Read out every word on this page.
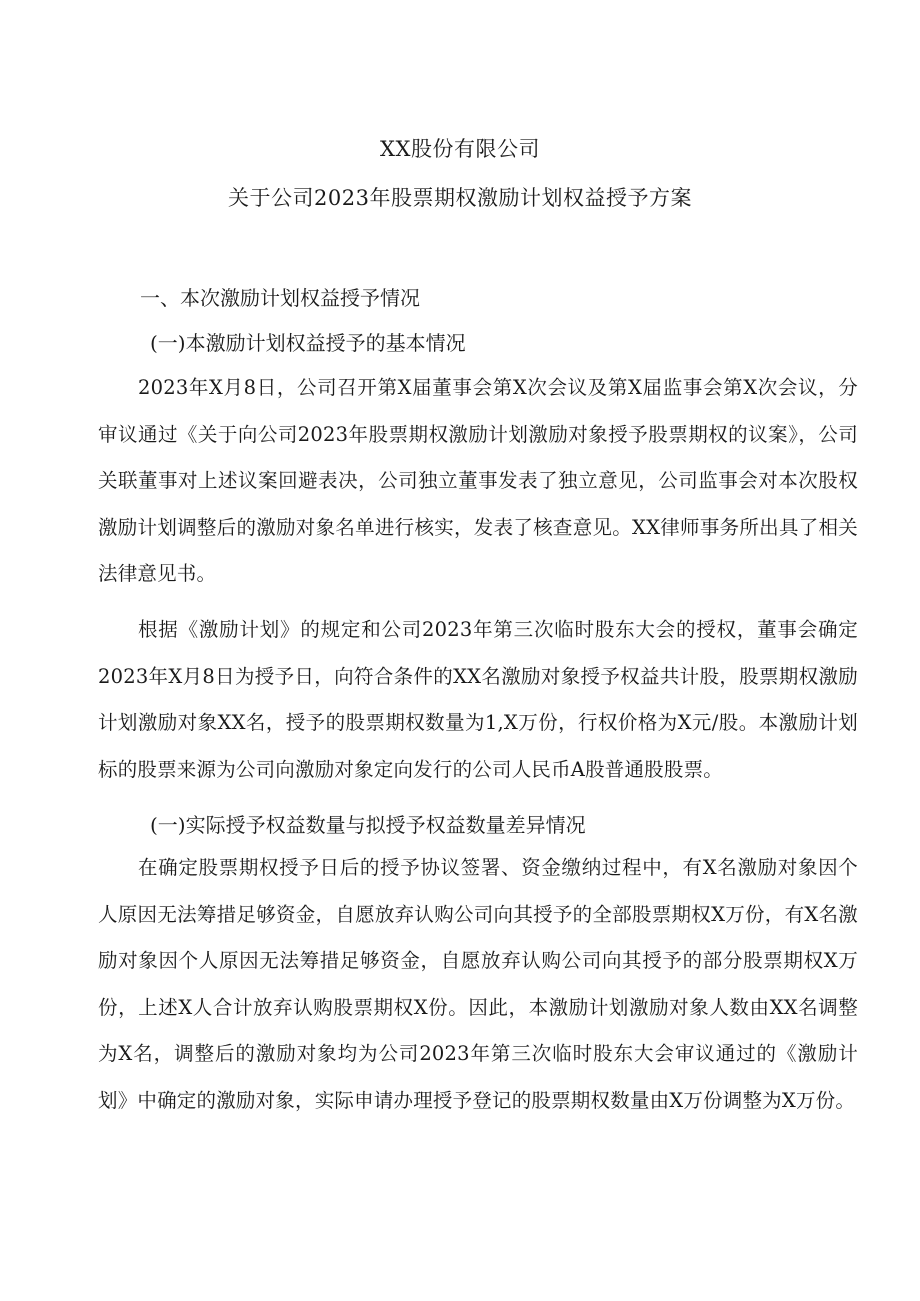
XX股份有限公司
关于公司2023年股票期权激励计划权益授予方案
一、本次激励计划权益授予情况
(一)本激励计划权益授予的基本情况
2023年X月8日，公司召开第X届董事会第X次会议及第X届监事会第X次会议，分审议通过《关于向公司2023年股票期权激励计划激励对象授予股票期权的议案》，公司关联董事对上述议案回避表决，公司独立董事发表了独立意见，公司监事会对本次股权激励计划调整后的激励对象名单进行核实，发表了核查意见。XX律师事务所出具了相关法律意见书。
根据《激励计划》的规定和公司2023年第三次临时股东大会的授权，董事会确定2023年X月8日为授予日，向符合条件的XX名激励对象授予权益共计股，股票期权激励计划激励对象XX名，授予的股票期权数量为1,X万份，行权价格为X元/股。本激励计划标的股票来源为公司向激励对象定向发行的公司人民币A股普通股股票。
(一)实际授予权益数量与拟授予权益数量差异情况
在确定股票期权授予日后的授予协议签署、资金缴纳过程中，有X名激励对象因个人原因无法筹措足够资金，自愿放弃认购公司向其授予的全部股票期权X万份，有X名激励对象因个人原因无法筹措足够资金，自愿放弃认购公司向其授予的部分股票期权X万份，上述X人合计放弃认购股票期权X份。因此，本激励计划激励对象人数由XX名调整为X名，调整后的激励对象均为公司2023年第三次临时股东大会审议通过的《激励计划》中确定的激励对象，实际申请办理授予登记的股票期权数量由X万份调整为X万份。
